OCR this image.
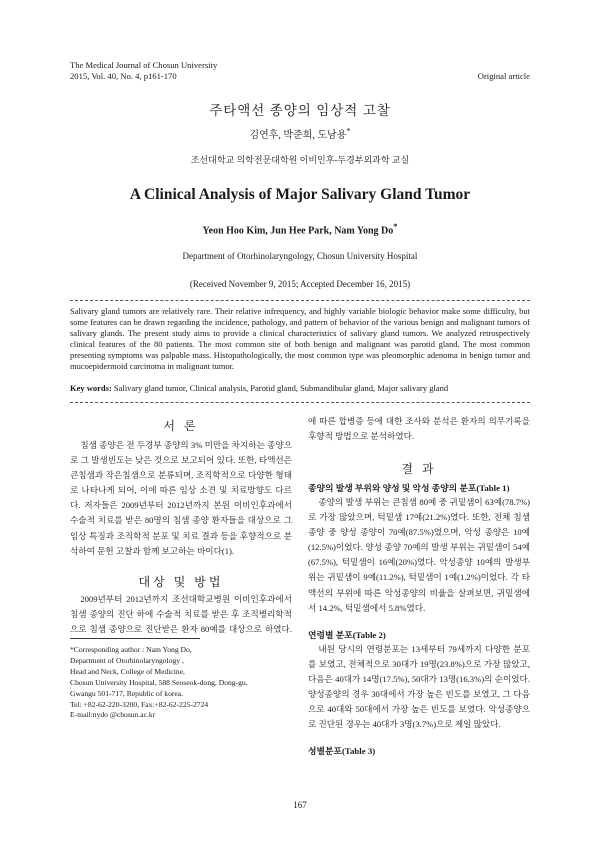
The Medical Journal of Chosun University
2015, Vol. 40, No. 4, p161-170	Original article
주타액선 종양의 임상적 고찰
김연후, 박준희, 도남용*
조선대학교 의학전문대학원 이비인후-두경부외과학 교실
A Clinical Analysis of Major Salivary Gland Tumor
Yeon Hoo Kim, Jun Hee Park, Nam Yong Do*
Department of Otorhinolaryngology, Chosun University Hospital
(Received November 9, 2015; Accepted December 16, 2015)
Salivary gland tumors are relatively rare. Their relative infrequency, and highly variable biologic behavior make some difficulty, but some features can be drawn regarding the incidence, pathology, and pattern of behavior of the various benign and malignant tumors of salivary glands. The present study aims to provide a clinical characteristics of salivary gland tumors. We analyzed retrospectively clinical features of the 80 patients. The most common site of both benign and malignant was parotid gland. The most common presenting symptoms was palpable mass. Histopathologically, the most common type was pleomorphic adenoma in benign tumor and mucoepidermoid carcinoma in malignant tumor.
Key words: Salivary gland tumor, Clinical analysis, Parotid gland, Submandibular gland, Major salivary gland
서 론
침샘 종양은 전 두경부 종양의 3% 미만을 차지하는 종양으로 그 발생빈도는 낮은 것으로 보고되어 있다. 또한, 타액선은 큰침샘과 작은침샘으로 분류되며, 조직학적으로 다양한 형태로 나타나게 되어, 이에 따른 임상 소견 및 치료방향도 다르다. 저자들은 2009년부터 2012년까지 본원 이비인후과에서 수술적 치료를 받은 80명의 침샘 종양 환자들을 대상으로 그 임상 특징과 조직학적 분포 및 치료 결과 등을 후향적으로 분석하여 문헌 고찰과 함께 보고하는 바이다(1).
대상 및 방법
2009년부터 2012년까지 조선대학교병원 이비인후과에서 침샘 종양의 진단 하에 수술적 치료를 받은 후 조직병리학적으로 침샘 종양으로 진단받은 환자 80예를 대상으로 하였다.
*Corresponding author : Nam Yong Do,
Department of Otorhinolaryngology ,
Head and Neck, College of Medicine,
Chosun University Hospital, 588 Seoseok-dong, Dong-gu,
Gwangu 501-717, Republic of korea.
Tel: +82-62-220-3200, Fax:+82-62-225-2724
E-mail:nydo @chosun.ac.kr
에 따른 합병증 등에 대한 조사와 분석은 환자의 의무기록을 후향적 방법으로 분석하였다.
결 과
종양의 발생 부위와 양성 및 악성 종양의 분포(Table 1)
종양의 발생 부위는 큰침샘 80예 중 귀밑샘이 63예(78.7%)로 가장 많았으며, 턱밑샘 17예(21.2%)였다. 또한, 전체 침샘 종양 중 양성 종양이 70예(87.5%)였으며, 악성 종양은 10예(12.5%)이었다. 양성 종양 70예의 발생 부위는 귀밑샘이 54예(67.5%), 턱밑샘이 16예(20%)였다. 악성종양 10예의 발생부위는 귀밑샘이 9예(11.2%), 턱밑샘이 1예(1.2%)이었다. 각 타액선의 부위에 따른 악성종양의 비율을 살펴보면, 귀밑샘에서 14.2%, 턱밑샘에서 5.8%였다.
연령별 분포(Table 2)
내원 당시의 연령분포는 13세부터 79세까지 다양한 분포를 보였고, 전체적으로 30대가 19명(23.8%)으로 가장 많았고, 다음은 40대가 14명(17.5%), 50대가 13명(16.3%)의 순이었다. 양성종양의 경우 30대에서 가장 높은 빈도를 보였고, 그 다음으로 40대와 50대에서 가장 높은 빈도를 보였다. 악성종양으로 진단된 경우는 40대가 3명(3.7%)으로 제일 많았다.
성별분포(Table 3)
167
